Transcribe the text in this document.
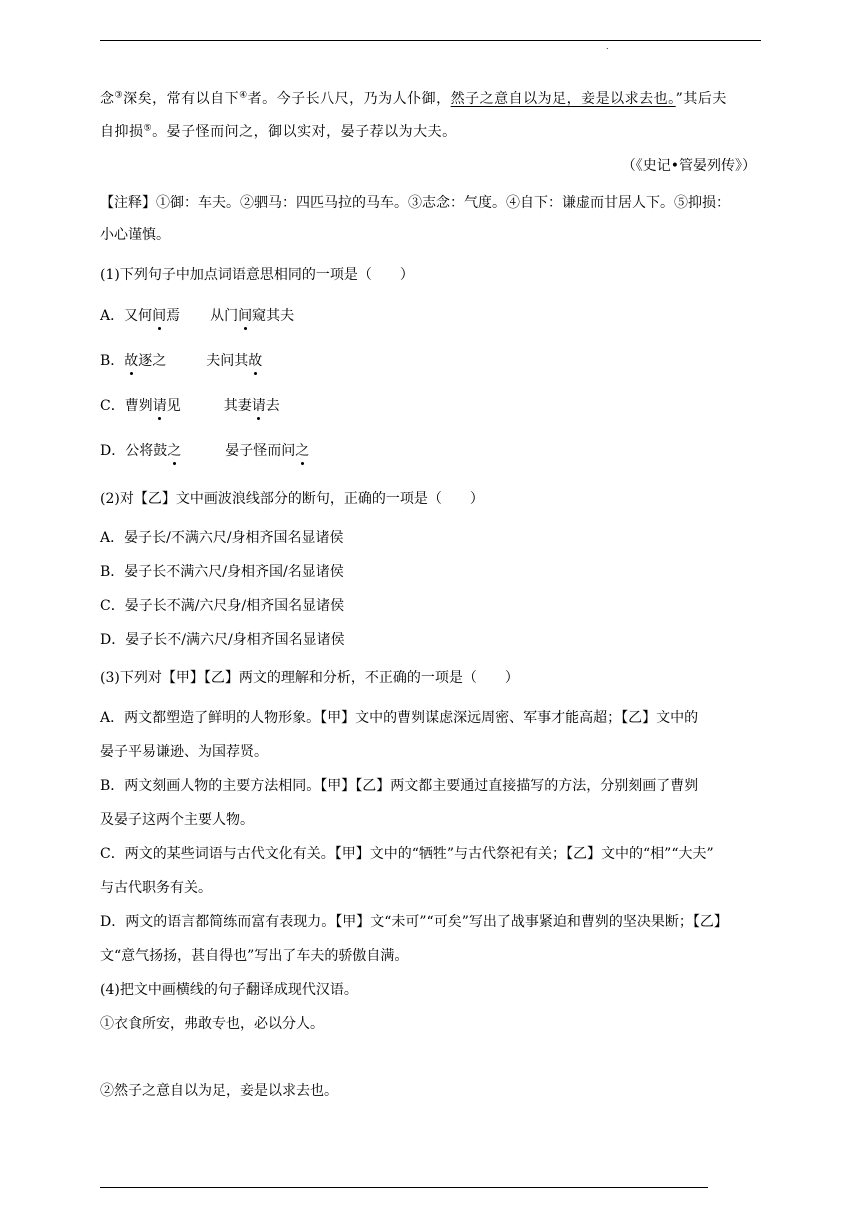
.
念③深矣，常有以自下④者。今子长八尺，乃为人仆御，然子之意自以为足，妾是以求去也。”其后夫
自抑损⑤。晏子怪而问之，御以实对，晏子荐以为大夫。
（《史记•管晏列传》）
【注释】①御：车夫。②驷马：四匹马拉的马车。③志念：气度。④自下：谦虚而甘居人下。⑤抑损：
小心谨慎。
(1)下列句子中加点词语意思相同的一项是（　　）
A．又何间焉 从门间窥其夫
B．故逐之	夫问其故
C．曹刿请见	其妻请去
D．公将鼓之	晏子怪而问之
(2)对【乙】文中画波浪线部分的断句，正确的一项是（　　）
A．晏子长/不满六尺/身相齐国名显诸侯
B．晏子长不满六尺/身相齐国/名显诸侯
C．晏子长不满/六尺身/相齐国名显诸侯
D．晏子长不/满六尺/身相齐国名显诸侯
(3)下列对【甲】【乙】两文的理解和分析，不正确的一项是（　　）
A．两文都塑造了鲜明的人物形象。【甲】文中的曹刿谋虑深远周密、军事才能高超；【乙】文中的
晏子平易谦逊、为国荐贤。
B．两文刻画人物的主要方法相同。【甲】【乙】两文都主要通过直接描写的方法，分别刻画了曹刿
及晏子这两个主要人物。
C．两文的某些词语与古代文化有关。【甲】文中的“牺牲”与古代祭祀有关；【乙】文中的“相”“大夫”
与古代职务有关。
D．两文的语言都简练而富有表现力。【甲】文“未可”“可矣”写出了战事紧迫和曹刿的坚决果断；【乙】
文“意气扬扬，甚自得也”写出了车夫的骄傲自满。
(4)把文中画横线的句子翻译成现代汉语。
①衣食所安，弗敢专也，必以分人。
②然子之意自以为足，妾是以求去也。
